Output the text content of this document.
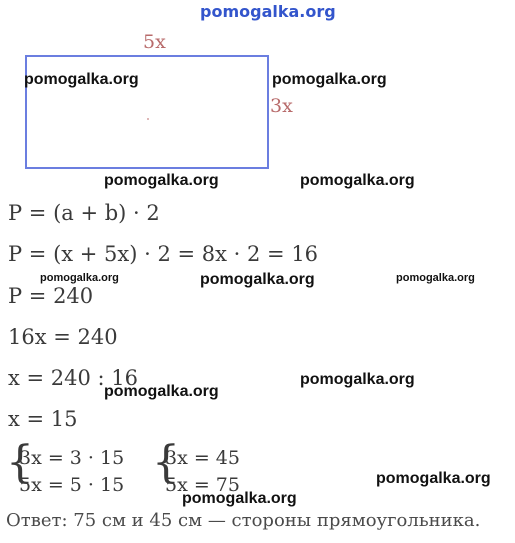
pomogalka.org
5x
3x
pomogalka.org	pomogalka.org
pomogalka.org	pomogalka.org
P = (a + b) · 2
P = (x + 5x) · 2 = 8x · 2 = 16
pomogalka.org	pomogalka.org	pomogalka.org
P = 240
16x = 240
x = 240 : 16	pomogalka.org
pomogalka.org
x = 15
{
3x = 3 · 15
5x = 5 · 15 {
3x = 45
5x = 75	pomogalka.org
pomogalka.org
Ответ: 75 см и 45 см — стороны прямоугольника.
